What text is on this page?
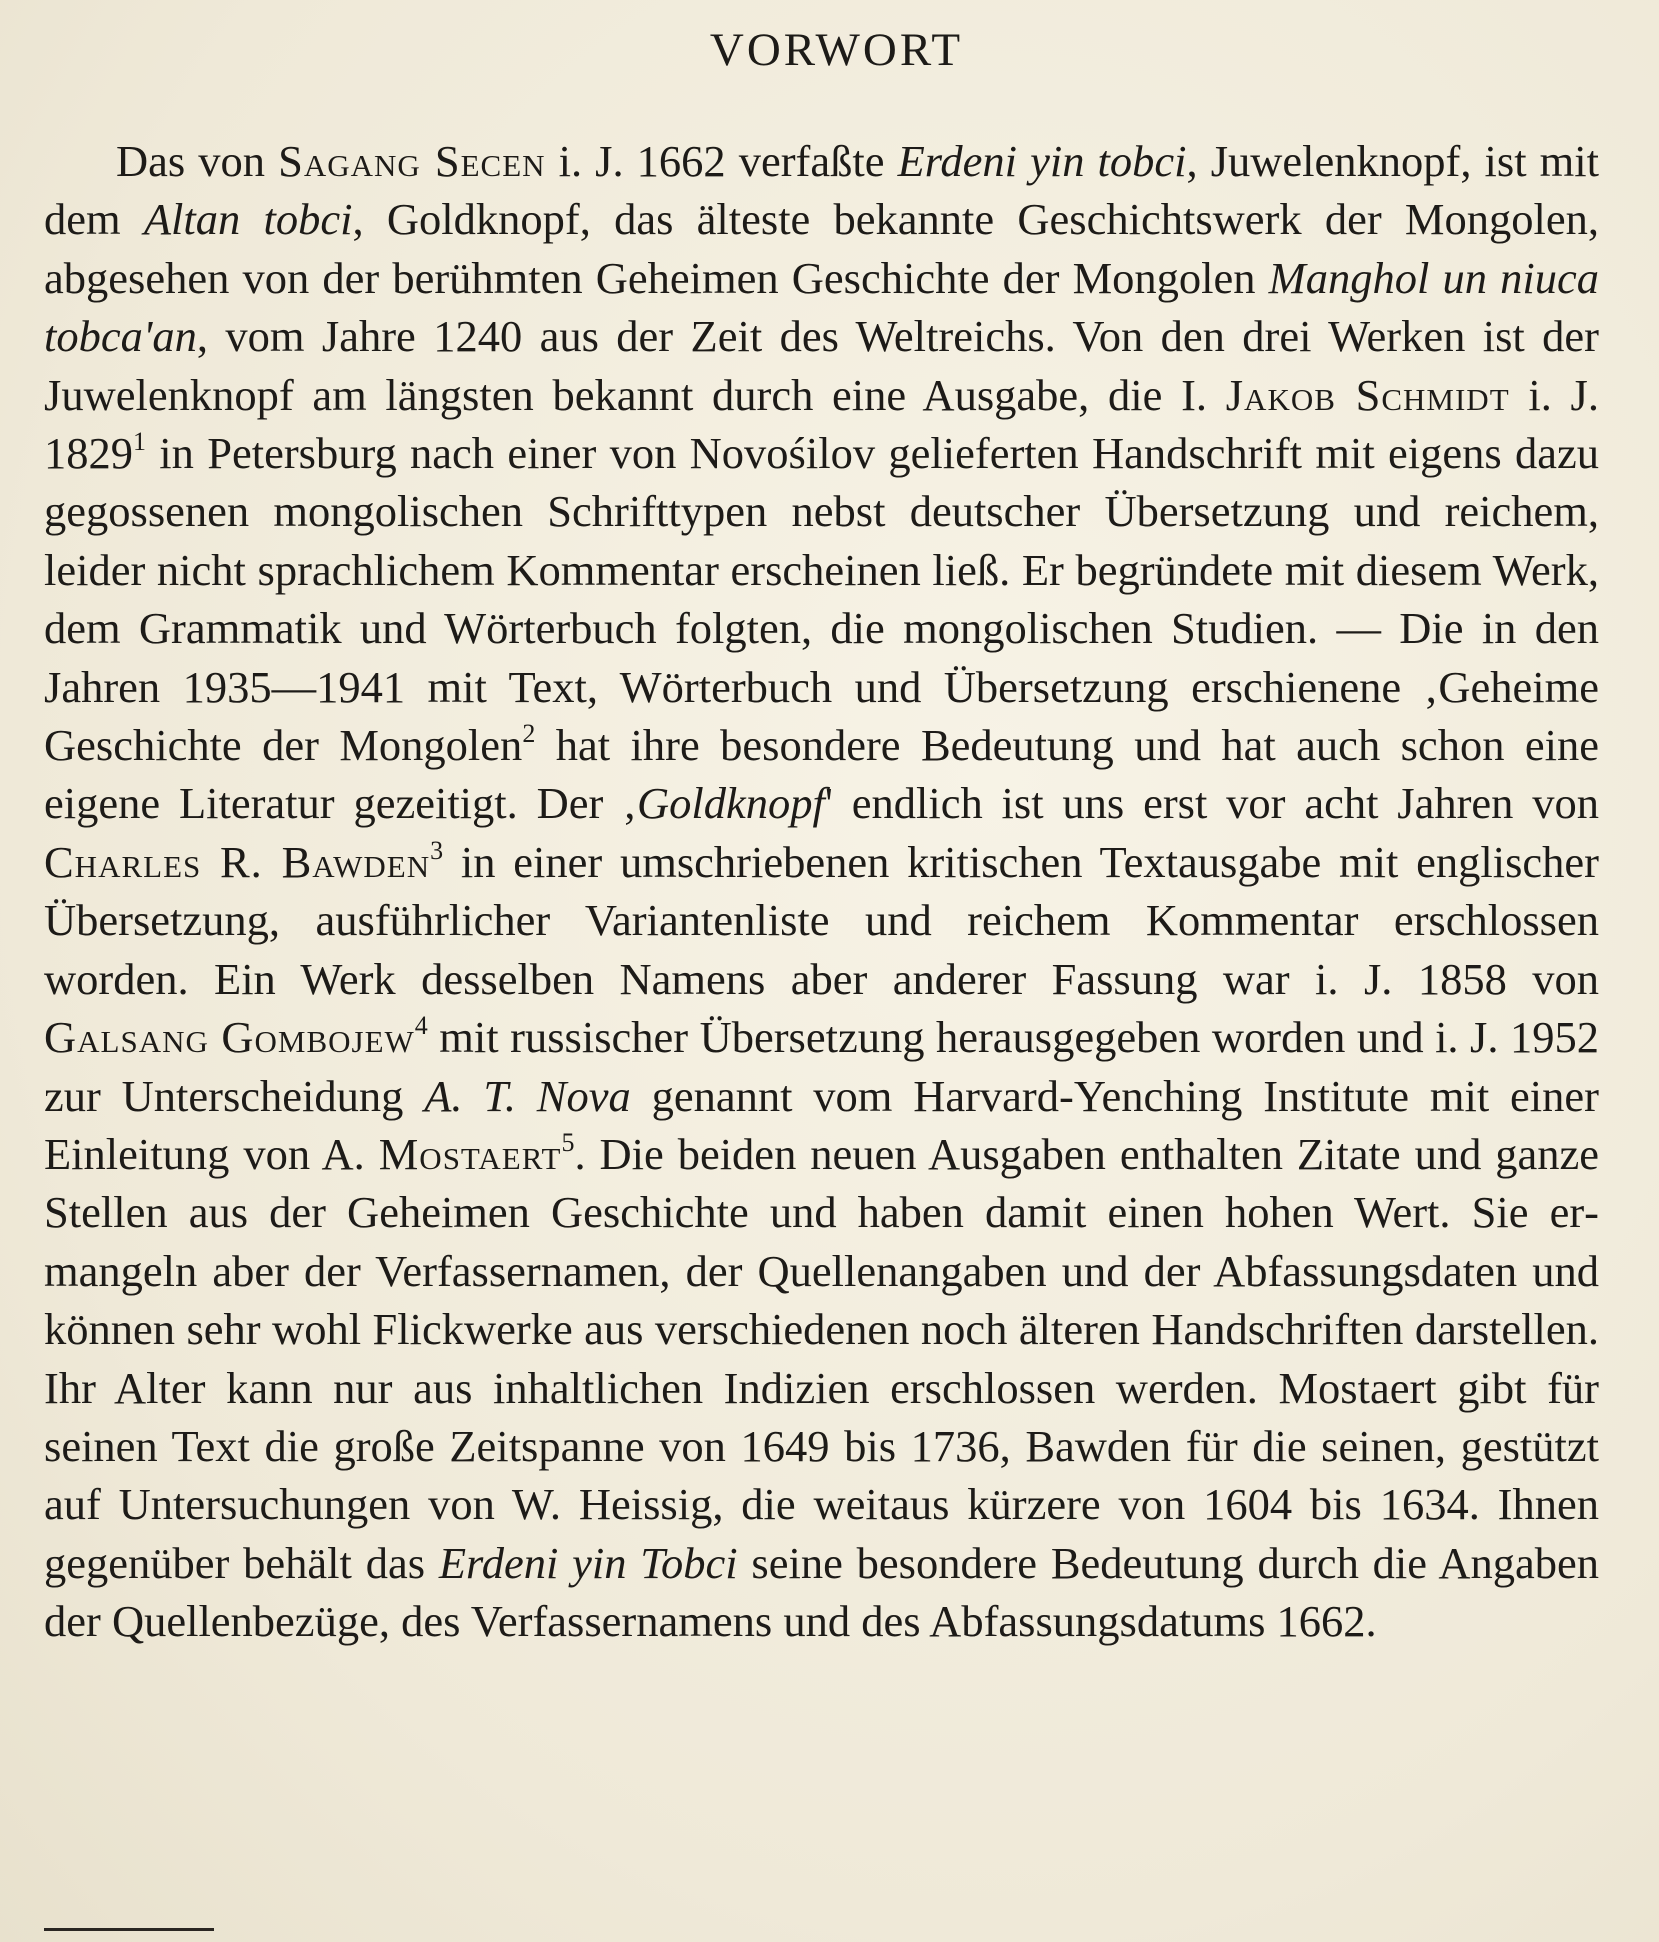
VORWORT

Das von Sagang Secen i. J. 1662 verfaßte Erdeni yin tobci, Juwelenknopf, ist mit dem Altan tobci, Goldknopf, das älteste bekannte Geschichtswerk der Mongolen, abgesehen von der berühmten Geheimen Geschichte der Mongolen Manghol un niuca tobca'an, vom Jahre 1240 aus der Zeit des Weltreichs. Von den drei Werken ist der Juwelenknopf am längsten bekannt durch eine Ausgabe, die I. Jakob Schmidt i. J. 1829$^1$ in Petersburg nach einer von Novośilov gelieferten Handschrift mit eigens dazu gegossenen mongolischen Schrifttypen nebst deutscher Übersetzung und reichem, leider nicht sprachlichem Kommentar erscheinen ließ. Er begründete mit diesem Werk, dem Grammatik und Wörterbuch folgten, die mongolischen Studien. — Die in den Jahren 1935—1941 mit Text, Wörterbuch und Übersetzung erschienene ‚Geheime Geschichte der Mongolen$^2$ hat ihre besondere Bedeutung und hat auch schon eine eigene Literatur gezeitigt. Der ‚Goldknopf' endlich ist uns erst vor acht Jahren von Charles R. Bawden$^3$ in einer umschriebenen kritischen Textausgabe mit englischer Übersetzung, ausführlicher Variantenliste und reichem Kommentar erschlossen worden. Ein Werk desselben Namens aber anderer Fassung war i. J. 1858 von Galsang Gombojew$^4$ mit russischer Übersetzung herausgegeben worden und i. J. 1952 zur Unterscheidung A. T. Nova genannt vom Harvard-Yenching Institute mit einer Einleitung von A. Mostaert$^5$. Die beiden neuen Ausgaben enthalten Zitate und ganze Stellen aus der Geheimen Geschichte und haben damit einen hohen Wert. Sie ermangeln aber der Verfassernamen, der Quellenangaben und der Abfassungsdaten und können sehr wohl Flickwerke aus verschiedenen noch älteren Handschriften darstellen. Ihr Alter kann nur aus inhaltlichen Indizien erschlossen werden. Mostaert gibt für seinen Text die große Zeitspanne von 1649 bis 1736, Bawden für die seinen, gestützt auf Untersuchungen von W. Heissig, die weitaus kürzere von 1604 bis 1634. Ihnen gegenüber behält das Erdeni yin Tobci seine besondere Bedeutung durch die Angaben der Quellenbezüge, des Verfassernamens und des Abfassungsdatums 1662.
